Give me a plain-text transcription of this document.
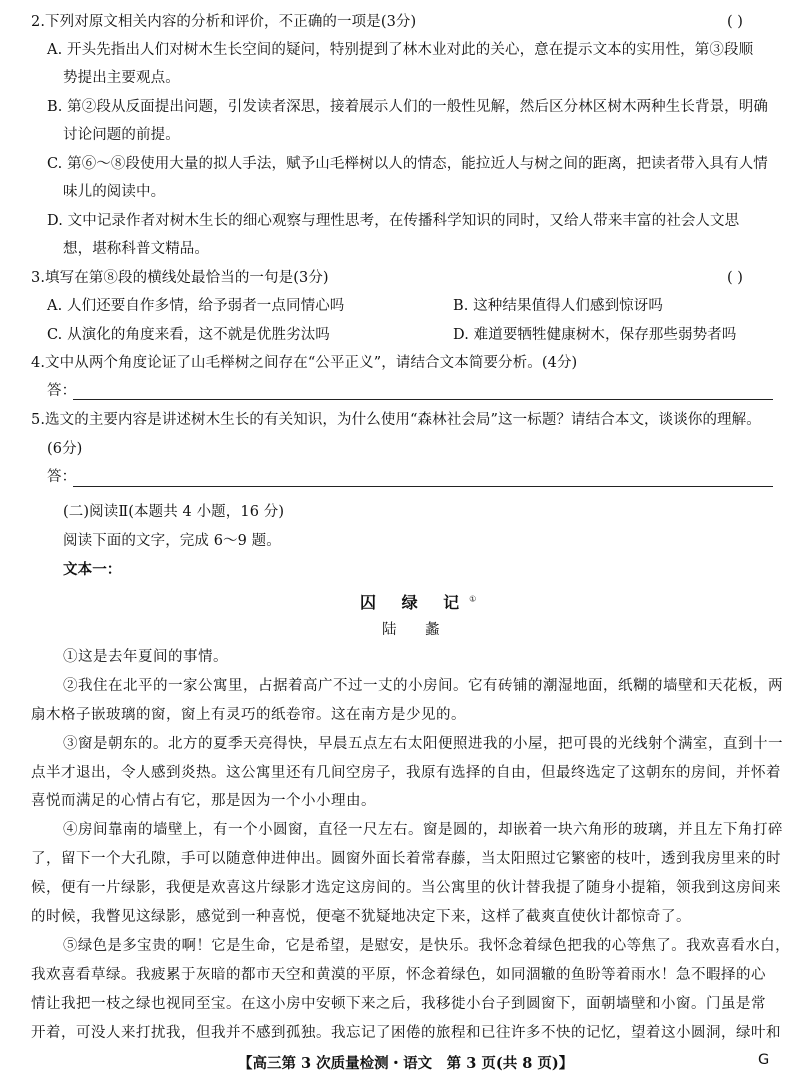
2.下列对原文相关内容的分析和评价，不正确的一项是(3分)	( )
A. 开头先指出人们对树木生长空间的疑问，特别提到了林木业对此的关心，意在提示文本的实用性，第③段顺
势提出主要观点。
B. 第②段从反面提出问题，引发读者深思，接着展示人们的一般性见解，然后区分林区树木两种生长背景，明确
讨论问题的前提。
C. 第⑥～⑧段使用大量的拟人手法，赋予山毛榉树以人的情态，能拉近人与树之间的距离，把读者带入具有人情
味儿的阅读中。
D. 文中记录作者对树木生长的细心观察与理性思考，在传播科学知识的同时，又给人带来丰富的社会人文思
想，堪称科普文精品。
3.填写在第⑧段的横线处最恰当的一句是(3分)	( )
A. 人们还要自作多情，给予弱者一点同情心吗	B. 这种结果值得人们感到惊讶吗
C. 从演化的角度来看，这不就是优胜劣汰吗	D. 难道要牺牲健康树木，保存那些弱势者吗
4.文中从两个角度论证了山毛榉树之间存在“公平正义”，请结合文本简要分析。(4分)
答：
5.选文的主要内容是讲述树木生长的有关知识，为什么使用“森林社会局”这一标题？请结合本文，谈谈你的理解。
(6分)
答：
(二)阅读Ⅱ(本题共 4 小题，16 分)
阅读下面的文字，完成 6～9 题。
文本一：
囚 绿 记①
陆 蠡
①这是去年夏间的事情。
②我住在北平的一家公寓里，占据着高广不过一丈的小房间。它有砖铺的潮湿地面，纸糊的墙壁和天花板，两
扇木格子嵌玻璃的窗，窗上有灵巧的纸卷帘。这在南方是少见的。
③窗是朝东的。北方的夏季天亮得快，早晨五点左右太阳便照进我的小屋，把可畏的光线射个满室，直到十一
点半才退出，令人感到炎热。这公寓里还有几间空房子，我原有选择的自由，但最终选定了这朝东的房间，并怀着
喜悦而满足的心情占有它，那是因为一个小小理由。
④房间靠南的墙壁上，有一个小圆窗，直径一尺左右。窗是圆的，却嵌着一块六角形的玻璃，并且左下角打碎
了，留下一个大孔隙，手可以随意伸进伸出。圆窗外面长着常春藤，当太阳照过它繁密的枝叶，透到我房里来的时
候，便有一片绿影，我便是欢喜这片绿影才选定这房间的。当公寓里的伙计替我提了随身小提箱，领我到这房间来
的时候，我瞥见这绿影，感觉到一种喜悦，便毫不犹疑地决定下来，这样了截爽直使伙计都惊奇了。
⑤绿色是多宝贵的啊！它是生命，它是希望，是慰安，是快乐。我怀念着绿色把我的心等焦了。我欢喜看水白，
我欢喜看草绿。我疲累于灰暗的都市天空和黄漠的平原，怀念着绿色，如同涸辙的鱼盼等着雨水！急不暇择的心
情让我把一枝之绿也视同至宝。在这小房中安顿下来之后，我移徙小台子到圆窗下，面朝墙壁和小窗。门虽是常
开着，可没人来打扰我，但我并不感到孤独。我忘记了困倦的旅程和已往许多不快的记忆，望着这小圆洞，绿叶和
【高三第 3 次质量检测・语文　第 3 页(共 8 页)】	G
